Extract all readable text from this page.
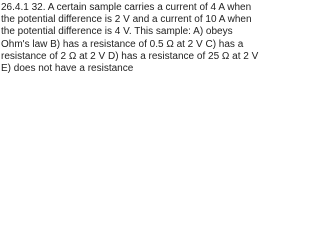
26.4.1 32. A certain sample carries a current of 4 A when the potential difference is 2 V and a current of 10 A when the potential difference is 4 V. This sample: A) obeys Ohm's law B) has a resistance of 0.5 Ω at 2 V C) has a resistance of 2 Ω at 2 V D) has a resistance of 25 Ω at 2 V E) does not have a resistance
